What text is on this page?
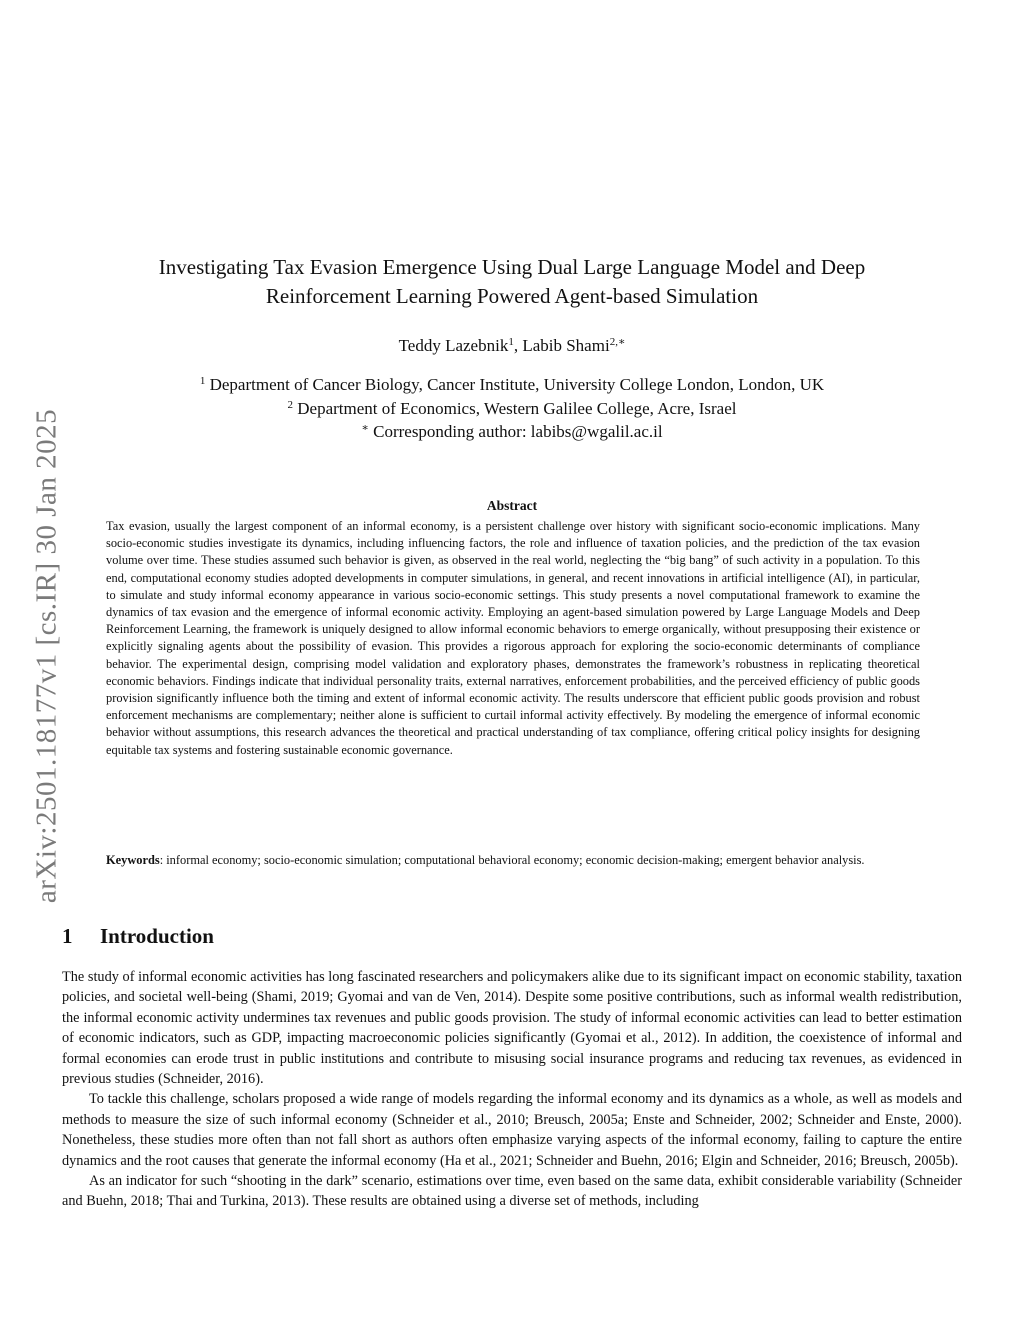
arXiv:2501.18177v1 [cs.IR] 30 Jan 2025
Investigating Tax Evasion Emergence Using Dual Large Language Model and Deep
Reinforcement Learning Powered Agent-based Simulation
Teddy Lazebnik$^1$, Labib Shami$^{2,∗}$
$^1$ Department of Cancer Biology, Cancer Institute, University College London, London, UK
$^2$ Department of Economics, Western Galilee College, Acre, Israel
∗ Corresponding author: labibs@wgalil.ac.il
Abstract

Tax evasion, usually the largest component of an informal economy, is a persistent challenge over history with significant socio-economic implications. Many socio-economic studies investigate its dynamics, including influencing factors, the role and influence of taxation policies, and the prediction of the tax evasion volume over time. These studies assumed such behavior is given, as observed in the real world, neglecting the “big bang” of such activity in a population. To this end, computational economy studies adopted developments in computer simulations, in general, and recent innovations in artificial intelligence (AI), in particular, to simulate and study informal economy appearance in various socio-economic settings. This study presents a novel computational framework to examine the dynamics of tax evasion and the emergence of informal economic activity. Employing an agent-based simulation powered by Large Language Models and Deep Reinforcement Learning, the framework is uniquely designed to allow informal economic behaviors to emerge organically, without presupposing their existence or explicitly signaling agents about the possibility of evasion. This provides a rigorous approach for exploring the socio-economic determinants of compliance behavior. The experimental design, comprising model validation and exploratory phases, demonstrates the framework’s robustness in replicating theoretical economic behaviors. Findings indicate that individual personality traits, external narratives, enforcement probabilities, and the perceived efficiency of public goods provision significantly influence both the timing and extent of informal economic activity. The results underscore that efficient public goods provision and robust enforcement mechanisms are complementary; neither alone is sufficient to curtail informal activity effectively. By modeling the emergence of informal economic behavior without assumptions, this research advances the theoretical and practical understanding of tax compliance, offering critical policy insights for designing equitable tax systems and fostering sustainable economic governance.

Keywords: informal economy; socio-economic simulation; computational behavioral economy; economic decision-making; emergent behavior analysis.

1 Introduction

The study of informal economic activities has long fascinated researchers and policymakers alike due to its significant impact on economic stability, taxation policies, and societal well-being (Shami, 2019; Gyomai and van de Ven, 2014). Despite some positive contributions, such as informal wealth redistribution, the informal economic activity undermines tax revenues and public goods provision. The study of informal economic activities can lead to better estimation of economic indicators, such as GDP, impacting macroeconomic policies significantly (Gyomai et al., 2012). In addition, the coexistence of informal and formal economies can erode trust in public institutions and contribute to misusing social insurance programs and reducing tax revenues, as evidenced in previous studies (Schneider, 2016).

To tackle this challenge, scholars proposed a wide range of models regarding the informal economy and its dynamics as a whole, as well as models and methods to measure the size of such informal economy (Schneider et al., 2010; Breusch, 2005a; Enste and Schneider, 2002; Schneider and Enste, 2000). Nonetheless, these studies more often than not fall short as authors often emphasize varying aspects of the informal economy, failing to capture the entire dynamics and the root causes that generate the informal economy (Ha et al., 2021; Schneider and Buehn, 2016; Elgin and Schneider, 2016; Breusch, 2005b).

As an indicator for such “shooting in the dark” scenario, estimations over time, even based on the same data, exhibit considerable variability (Schneider and Buehn, 2018; Thai and Turkina, 2013). These results are obtained using a diverse set of methods, including
